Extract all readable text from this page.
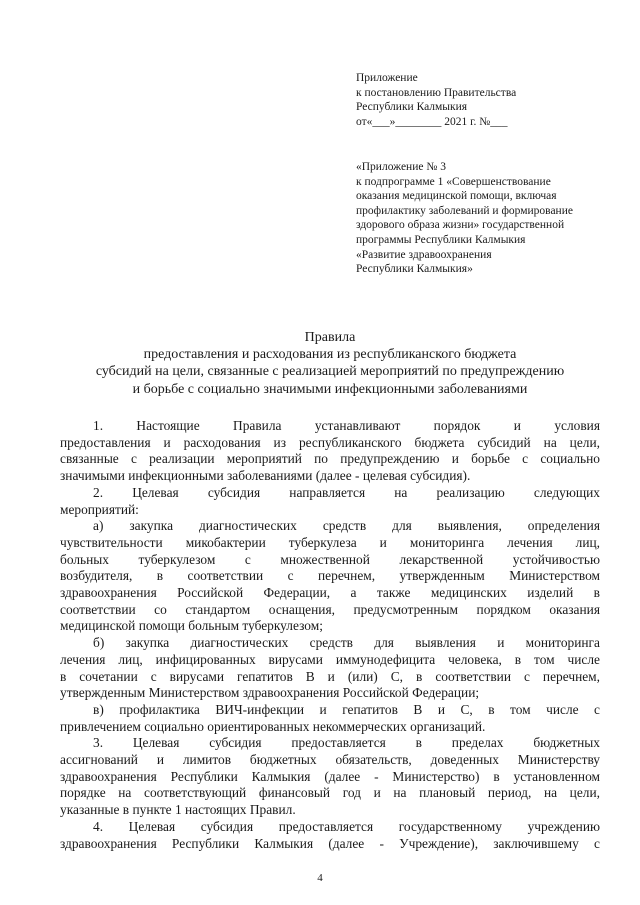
Приложение
к постановлению Правительства
Республики Калмыкия
от«___»________ 2021 г. №___
«Приложение № 3
к подпрограмме 1 «Совершенствование
оказания медицинской помощи, включая
профилактику заболеваний и формирование
здорового образа жизни» государственной
программы Республики Калмыкия
«Развитие здравоохранения
Республики Калмыкия»
Правила
предоставления и расходования из республиканского бюджета
субсидий на цели, связанные с реализацией мероприятий по предупреждению
и борьбе с социально значимыми инфекционными заболеваниями
1. Настоящие Правила устанавливают порядок и условия
предоставления и расходования из республиканского бюджета субсидий на цели,
связанные с реализации мероприятий по предупреждению и борьбе с социально
значимыми инфекционными заболеваниями (далее - целевая субсидия).
2. Целевая субсидия направляется на реализацию следующих
мероприятий:
а) закупка диагностических средств для выявления, определения
чувствительности микобактерии туберкулеза и мониторинга лечения лиц,
больных туберкулезом с множественной лекарственной устойчивостью
возбудителя, в соответствии с перечнем, утвержденным Министерством
здравоохранения Российской Федерации, а также медицинских изделий в
соответствии со стандартом оснащения, предусмотренным порядком оказания
медицинской помощи больным туберкулезом;
б) закупка диагностических средств для выявления и мониторинга
лечения лиц, инфицированных вирусами иммунодефицита человека, в том числе
в сочетании с вирусами гепатитов В и (или) С, в соответствии с перечнем,
утвержденным Министерством здравоохранения Российской Федерации;
в) профилактика ВИЧ-инфекции и гепатитов В и С, в том числе с
привлечением социально ориентированных некоммерческих организаций.
3. Целевая субсидия предоставляется в пределах бюджетных
ассигнований и лимитов бюджетных обязательств, доведенных Министерству
здравоохранения Республики Калмыкия (далее - Министерство) в установленном
порядке на соответствующий финансовый год и на плановый период, на цели,
указанные в пункте 1 настоящих Правил.
4. Целевая субсидия предоставляется государственному учреждению
здравоохранения Республики Калмыкия (далее - Учреждение), заключившему с
4
